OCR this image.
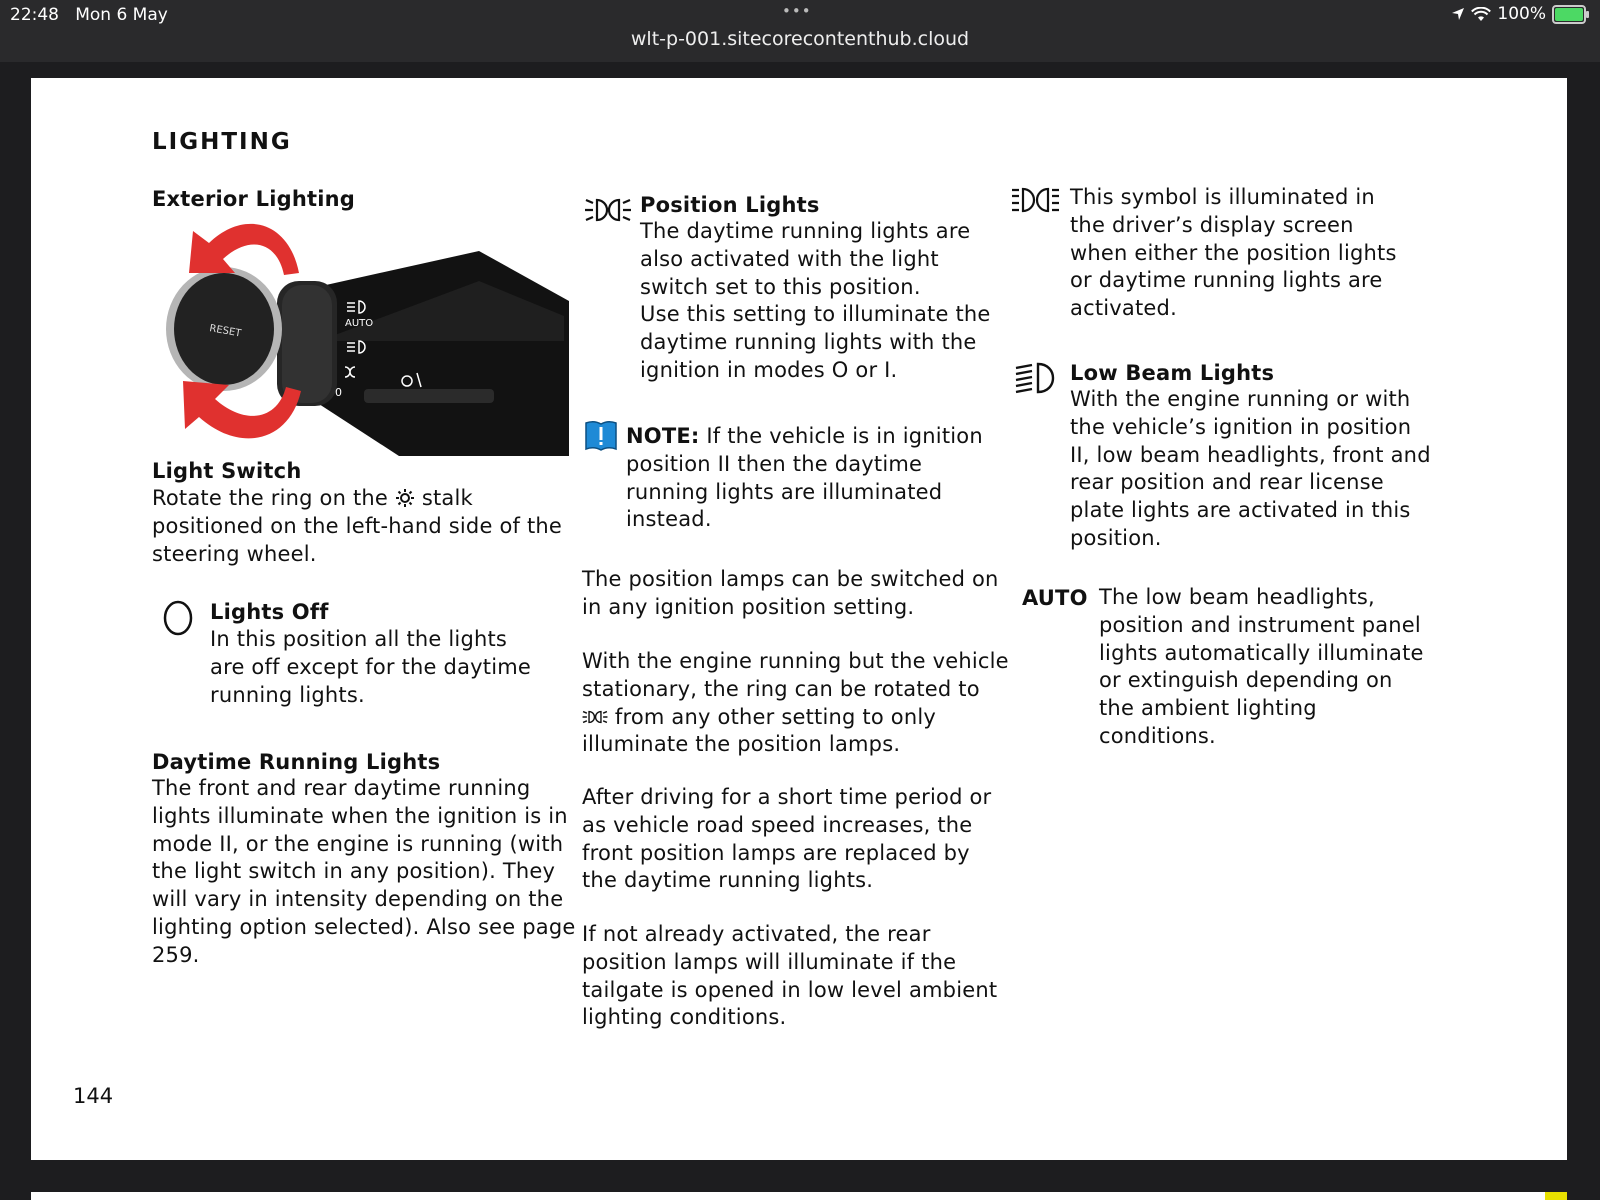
22:48 Mon 6 May	•••
wlt-p-001.sitecorecontenthub.cloud
100%
LIGHTING
Exterior Lighting
RESET	AUTO
0
Light Switch
Rotate the ring on the stalk
positioned on the left-hand side of the
steering wheel.
Lights Off
In this position all the lights
are off except for the daytime
running lights.
Daytime Running Lights
The front and rear daytime running
lights illuminate when the ignition is in
mode II, or the engine is running (with
the light switch in any position). They
will vary in intensity depending on the
lighting option selected). Also see page
259.
Position Lights
The daytime running lights are
also activated with the light
switch set to this position.
Use this setting to illuminate the
daytime running lights with the
ignition in modes O or I.
NOTE: If the vehicle is in ignition
position II then the daytime
running lights are illuminated
instead.
The position lamps can be switched on
in any ignition position setting.
With the engine running but the vehicle
stationary, the ring can be rotated to
from any other setting to only
illuminate the position lamps.
After driving for a short time period or
as vehicle road speed increases, the
front position lamps are replaced by
the daytime running lights.
If not already activated, the rear
position lamps will illuminate if the
tailgate is opened in low level ambient
lighting conditions.
This symbol is illuminated in
the driver’s display screen
when either the position lights
or daytime running lights are
activated.
Low Beam Lights
With the engine running or with
the vehicle’s ignition in position
II, low beam headlights, front and
rear position and rear license
plate lights are activated in this
position.
AUTO The low beam headlights,
position and instrument panel
lights automatically illuminate
or extinguish depending on
the ambient lighting
conditions.
144
